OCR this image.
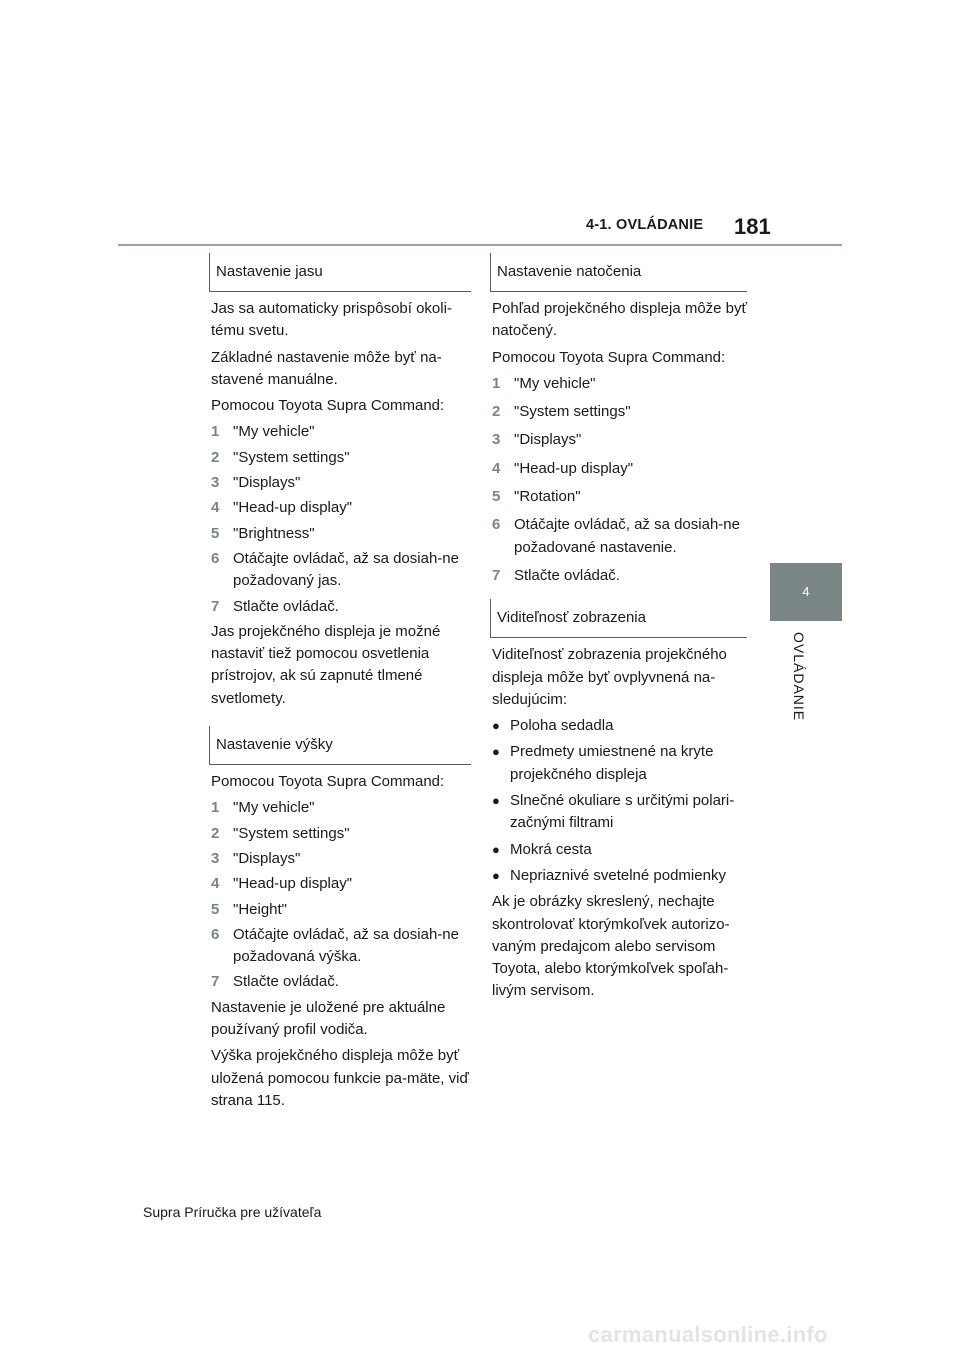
4-1. OVLÁDANIE 181
4
OVLÁDANIE
Nastavenie jasu

Jas sa automaticky prispôsobí okoli-tému svetu.

Základné nastavenie môže byť na-stavené manuálne.

Pomocou Toyota Supra Command:

1 "My vehicle"
2 "System settings"
3 "Displays"
4 "Head-up display"
5 "Brightness"
6 Otáčajte ovládač, až sa dosiah-ne požadovaný jas.
7 Stlačte ovládač.

Jas projekčného displeja je možné nastaviť tiež pomocou osvetlenia prístrojov, ak sú zapnuté tlmené svetlomety.

Nastavenie výšky

Pomocou Toyota Supra Command:

1 "My vehicle"
2 "System settings"
3 "Displays"
4 "Head-up display"
5 "Height"
6 Otáčajte ovládač, až sa dosiah-ne požadovaná výška.
7 Stlačte ovládač.

Nastavenie je uložené pre aktuálne používaný profil vodiča.

Výška projekčného displeja môže byť uložená pomocou funkcie pa-mäte, viď strana 115.

Nastavenie natočenia

Pohľad projekčného displeja môže byť natočený.

Pomocou Toyota Supra Command:

1 "My vehicle"
2 "System settings"
3 "Displays"
4 "Head-up display"
5 "Rotation"
6 Otáčajte ovládač, až sa dosiah-ne požadované nastavenie.
7 Stlačte ovládač.
Viditeľnosť zobrazenia

Viditeľnosť zobrazenia projekčného displeja môže byť ovplyvnená na-sledujúcim:

● Poloha sedadla
● Predmety umiestnené na kryte projekčného displeja
● Slnečné okuliare s určitými polari-začnými filtrami
● Mokrá cesta
● Nepriaznivé svetelné podmienky

Ak je obrázky skreslený, nechajte skontrolovať ktorýmkoľvek autorizo-vaným predajcom alebo servisom Toyota, alebo ktorýmkoľvek spoľah-livým servisom.

Supra Príručka pre užívateľa
carmanualsonline.info
